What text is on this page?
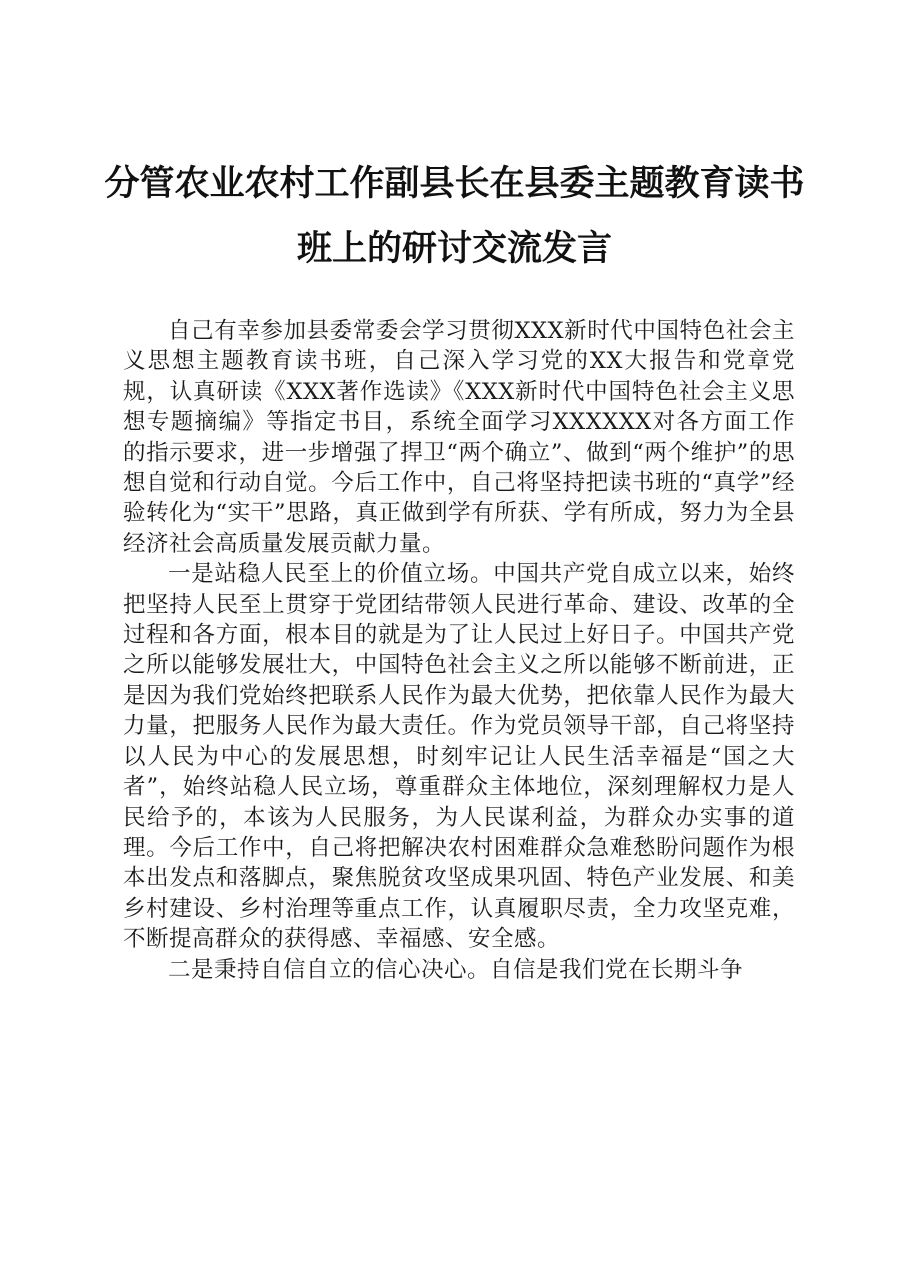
分管农业农村工作副县长在县委主题教育读书
班上的研讨交流发言

自己有幸参加县委常委会学习贯彻XXX新时代中国特色社会主义思想主题教育读书班，自己深入学习党的XX大报告和党章党规，认真研读《XXX著作选读》《XXX新时代中国特色社会主义思想专题摘编》等指定书目，系统全面学习XXXXXX对各方面工作的指示要求，进一步增强了捍卫“两个确立”、做到“两个维护”的思想自觉和行动自觉。今后工作中，自己将坚持把读书班的“真学”经验转化为“实干”思路，真正做到学有所获、学有所成，努力为全县经济社会高质量发展贡献力量。

一是站稳人民至上的价值立场。中国共产党自成立以来，始终把坚持人民至上贯穿于党团结带领人民进行革命、建设、改革的全过程和各方面，根本目的就是为了让人民过上好日子。中国共产党之所以能够发展壮大，中国特色社会主义之所以能够不断前进，正是因为我们党始终把联系人民作为最大优势，把依靠人民作为最大力量，把服务人民作为最大责任。作为党员领导干部，自己将坚持以人民为中心的发展思想，时刻牢记让人民生活幸福是“国之大者”，始终站稳人民立场，尊重群众主体地位，深刻理解权力是人民给予的，本该为人民服务，为人民谋利益，为群众办实事的道理。今后工作中，自己将把解决农村困难群众急难愁盼问题作为根本出发点和落脚点，聚焦脱贫攻坚成果巩固、特色产业发展、和美乡村建设、乡村治理等重点工作，认真履职尽责，全力攻坚克难，不断提高群众的获得感、幸福感、安全感。

二是秉持自信自立的信心决心。自信是我们党在长期斗争
